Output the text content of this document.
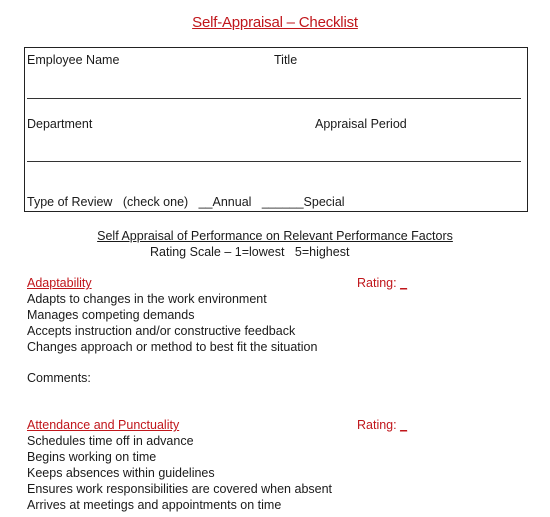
Self-Appraisal – Checklist
Employee Name	Title
Department	Appraisal Period
Type of Review   (check one)   __Annual   ______Special
Self Appraisal of Performance on Relevant Performance Factors
Rating Scale – 1=lowest   5=highest
Adaptability	Rating: _
Adapts to changes in the work environment
Manages competing demands
Accepts instruction and/or constructive feedback
Changes approach or method to best fit the situation
Comments:
Attendance and Punctuality	Rating: _
Schedules time off in advance
Begins working on time
Keeps absences within guidelines
Ensures work responsibilities are covered when absent
Arrives at meetings and appointments on time
